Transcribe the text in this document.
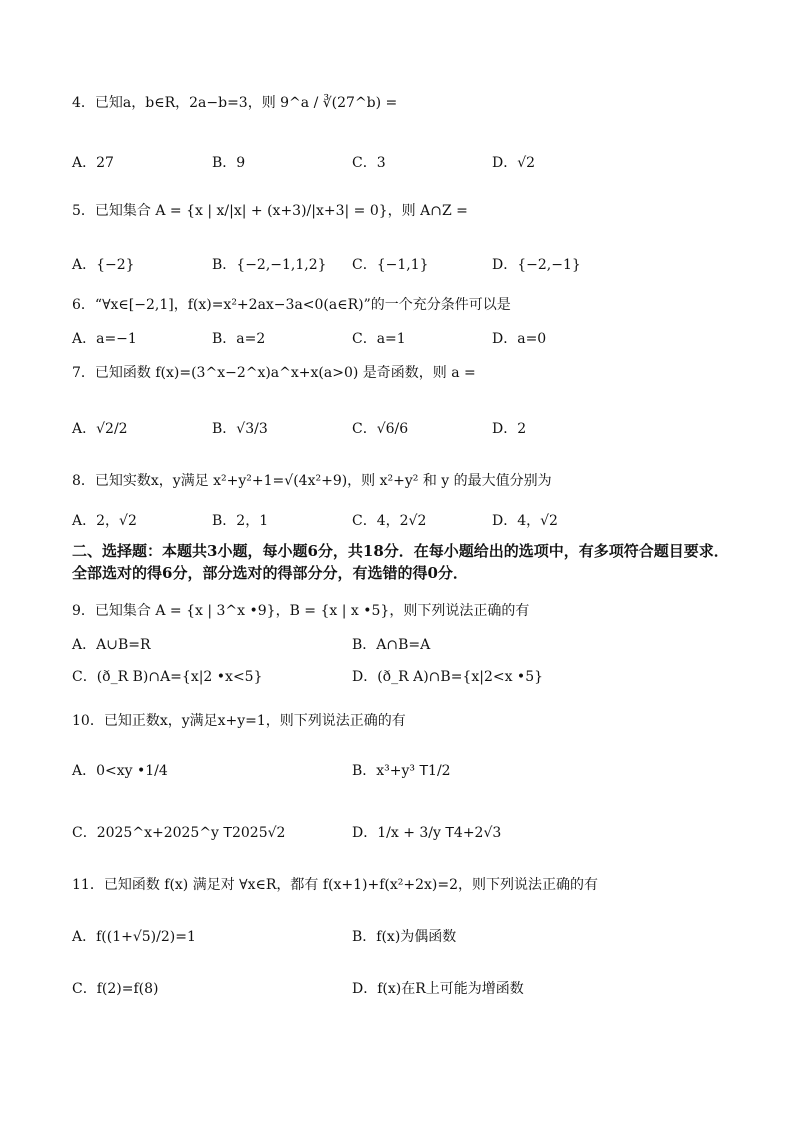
4．已知a，b∈R，2a−b=3，则 9^a / ∛(27^b) =
A．27	B．9	C．3	D．√2
5．已知集合 A = {x | x/|x| + (x+3)/|x+3| = 0}，则 A∩Z =
A．{−2}	B．{−2,−1,1,2} C．{−1,1}	D．{−2,−1}
6．“∀x∈[−2,1]，f(x)=x²+2ax−3a<0(a∈R)”的一个充分条件可以是
A．a=−1	B．a=2	C．a=1	D．a=0
7．已知函数 f(x)=(3^x−2^x)a^x+x(a>0) 是奇函数，则 a =
A．√2/2	B．√3/3	C．√6/6	D．2
8．已知实数x，y满足 x²+y²+1=√(4x²+9)，则 x²+y² 和 y 的最大值分别为
A．2，√2	B．2，1	C．4，2√2	D．4，√2
二、选择题：本题共3小题，每小题6分，共18分．在每小题给出的选项中，有多项符合题目要求．全部选对的得6分，部分选对的得部分分，有选错的得0分．
9．已知集合 A = {x | 3^x •9}，B = {x | x •5}，则下列说法正确的有
A．A∪B=R	B．A∩B=A
C．(ð_R B)∩A={x|2 •x<5}	D．(ð_R A)∩B={x|2<x •5}
10．已知正数x，y满足x+y=1，则下列说法正确的有
A．0<xy •1/4	B．x³+y³ 𝖳1/2
C．2025^x+2025^y 𝖳2025√2	D．1/x + 3/y 𝖳4+2√3
11．已知函数 f(x) 满足对 ∀x∈R，都有 f(x+1)+f(x²+2x)=2，则下列说法正确的有
A．f((1+√5)/2)=1	B．f(x)为偶函数
C．f(2)=f(8)	D．f(x)在R上可能为增函数
